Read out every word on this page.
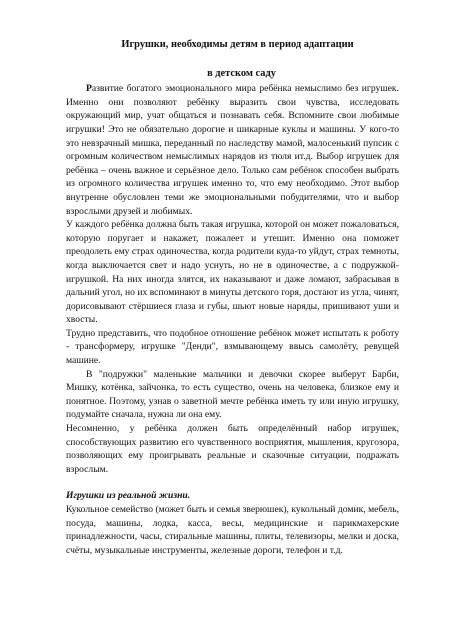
Игрушки, необходимы детям в период адаптации
в детском саду

Развитие богатого эмоционального мира ребёнка немыслимо без игрушек. Именно они позволяют ребёнку выразить свои чувства, исследовать окружающий мир, учат общаться и познавать себя. Вспомните свои любимые игрушки! Это не обязательно дорогие и шикарные куклы и машины. У кого-то это невзрачный мишка, переданный по наследству мамой, малосенький пупсик с огромным количеством немыслимых нарядов из тюля ит.д. Выбор игрушек для ребёнка – очень важное и серьёзное дело. Только сам ребёнок способен выбрать из огромного количества игрушек именно то, что ему необходимо. Этот выбор внутренне обусловлен теми же эмоциональными побудителями, что и выбор взрослыми друзей и любимых.

У каждого ребёнка должна быть такая игрушка, которой он может пожаловаться, которую поругает и накажет, пожалеет и утешит. Именно она поможет преодолеть ему страх одиночества, когда родители куда-то уйдут, страх темноты, когда выключается свет и надо уснуть, но не в одиночестве, а с подружкой-игрушкой. На них иногда злятся, их наказывают и даже ломают, забрасывая в дальний угол, но их вспоминают в минуты детского горя, достают из угла, чинят, дорисовывают стёршиеся глаза и губы, шьют новые наряды, пришивают уши и хвосты.

Трудно представить, что подобное отношение ребёнок может испытать к роботу - трансформеру, игрушке "Денди", взмывающему ввысь самолёту, ревущей машине.

В "подружки" маленькие мальчики и девочки скорее выберут Барби, Мишку, котёнка, зайчонка, то есть существо, очень на человека, близкое ему и понятное. Поэтому, узнав о заветной мечте ребёнка иметь ту или иную игрушку, подумайте сначала, нужна ли она ему.

Несомненно, у ребёнка должен быть определённый набор игрушек, способствующих развитию его чувственного восприятия, мышления, кругозора, позволяющих ему проигрывать реальные и сказочные ситуации, подражать взрослым.

Игрушки из реальной жизни.

Кукольное семейство (может быть и семья зверюшек), кукольный домик, мебель, посуда, машины, лодка, касса, весы, медицинские и парикмахерские принадлежности, часы, стиральные машины, плиты, телевизоры, мелки и доска, счёты, музыкальные инструменты, железные дороги, телефон и т.д.
